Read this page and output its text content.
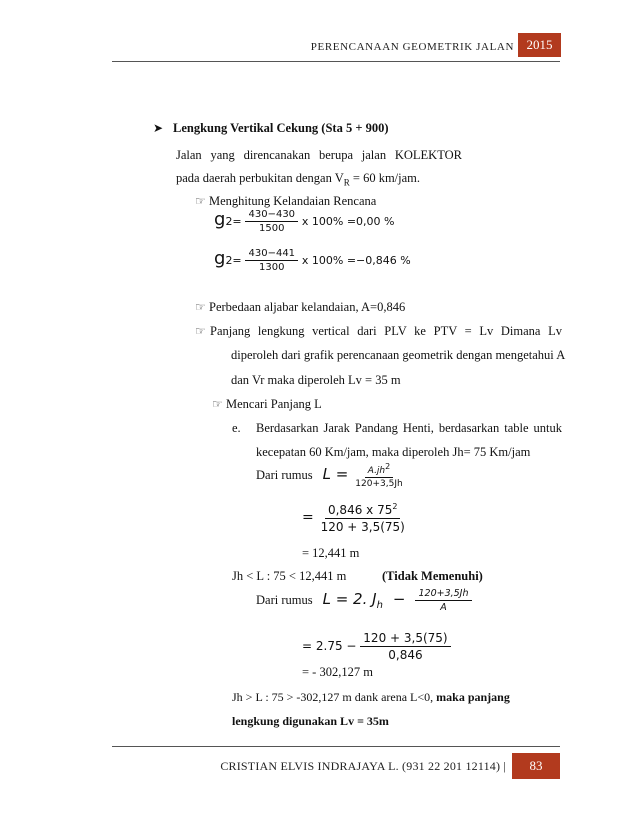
PERENCANAAN GEOMETRIK JALAN 2015
➤ Lengkung Vertikal Cekung (Sta 5 + 900)
Jalan yang direncanakan berupa jalan KOLEKTOR
pada daerah perbukitan dengan $V_R = 60$ km/jam.
☞ Menghitung Kelandaian Rencana
$g2= \frac{430-430}{1500}$ x 100% =0,00 %
$g2= \frac{430-441}{1300}$ x 100% =−0,846 %
☞ Perbedaan aljabar kelandaian, A=0,846
☞ Panjang lengkung vertical dari PLV ke PTV = Lv Dimana Lv
diperoleh dari grafik perencanaan geometrik dengan mengetahui A
dan Vr maka diperoleh Lv = 35 m
☞ Mencari Panjang L
e. Berdasarkan Jarak Pandang Henti, berdasarkan table untuk
kecepatan 60 Km/jam, maka diperoleh Jh= 75 Km/jam
Dari rumus $L = \frac{A.jh^2}{120+3,5Jh}$
= $\frac{0,846 x 75^2}{120 + 3,5(75)}$
= 12,441 m
Jh < L : 75 < 12,441 m	(Tidak Memenuhi)
Dari rumus L = 2. $J_h - \frac{120+3,5Jh}{A}$
= $2.75 - \frac{120 + 3,5(75)}{0,846}$
= - 302,127 m
Jh > L : 75 > -302,127 m dank arena L<0, maka panjang
lengkung digunakan Lv = 35m
CRISTIAN ELVIS INDRAJAYA L. (931 22 201 12114) |	83
